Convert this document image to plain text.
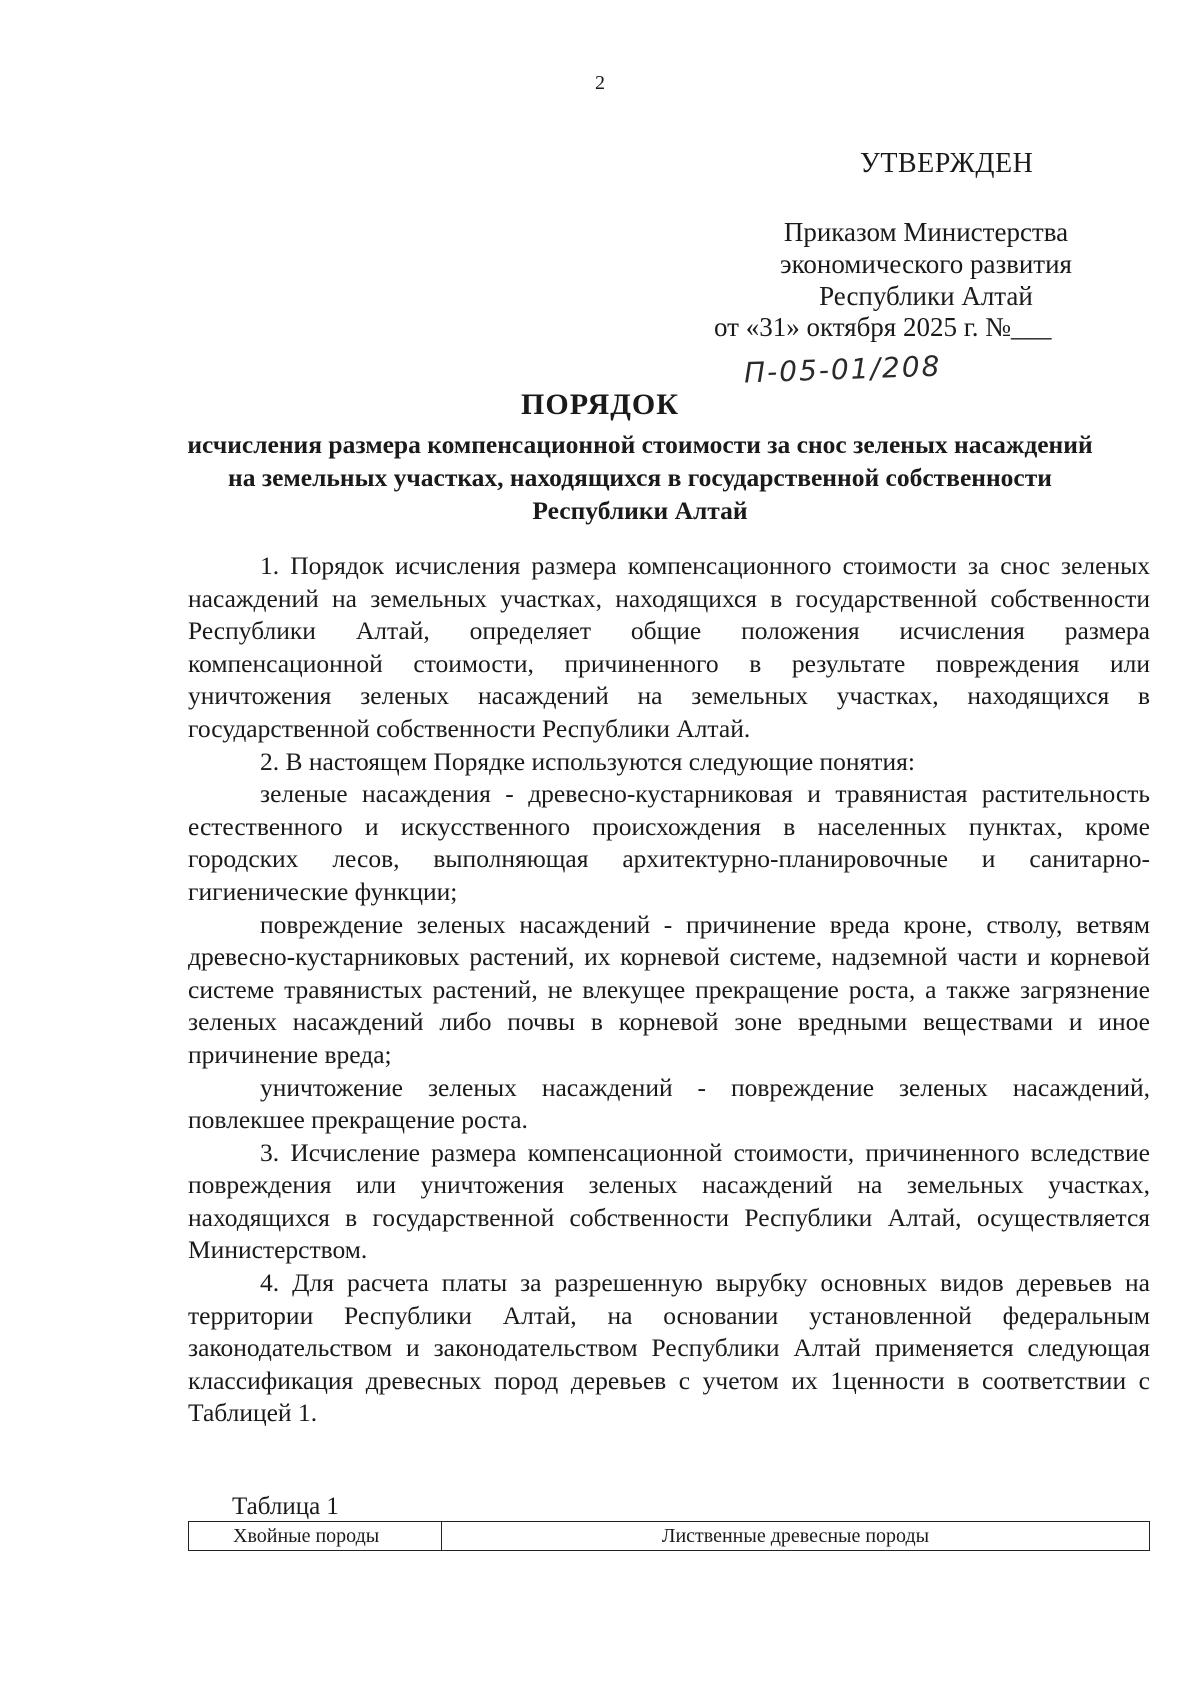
2
УТВЕРЖДЕН
Приказом Министерства
экономического развития
Республики Алтай
от «31» октября 2025 г. №___
П-05-01/208
ПОРЯДОК
исчисления размера компенсационной стоимости за снос зеленых насаждений на земельных участках, находящихся в государственной собственности Республики Алтай

1. Порядок исчисления размера компенсационного стоимости за снос зеленых насаждений на земельных участках, находящихся в государственной собственности Республики Алтай, определяет общие положения исчисления размера компенсационной стоимости, причиненного в результате повреждения или уничтожения зеленых насаждений на земельных участках, находящихся в государственной собственности Республики Алтай.

2. В настоящем Порядке используются следующие понятия:

зеленые насаждения - древесно-кустарниковая и травянистая растительность естественного и искусственного происхождения в населенных пунктах, кроме городских лесов, выполняющая архитектурно-планировочные и санитарно-гигиенические функции;

повреждение зеленых насаждений - причинение вреда кроне, стволу, ветвям древесно-кустарниковых растений, их корневой системе, надземной части и корневой системе травянистых растений, не влекущее прекращение роста, а также загрязнение зеленых насаждений либо почвы в корневой зоне вредными веществами и иное причинение вреда;

уничтожение зеленых насаждений - повреждение зеленых насаждений, повлекшее прекращение роста.

3. Исчисление размера компенсационной стоимости, причиненного вследствие повреждения или уничтожения зеленых насаждений на земельных участках, находящихся в государственной собственности Республики Алтай, осуществляется Министерством.

4. Для расчета платы за разрешенную вырубку основных видов деревьев на территории Республики Алтай, на основании установленной федеральным законодательством и законодательством Республики Алтай применяется следующая классификация древесных пород деревьев с учетом их 1ценности в соответствии с Таблицей 1.

Таблица 1
Хвойные породы	Лиственные древесные породы
